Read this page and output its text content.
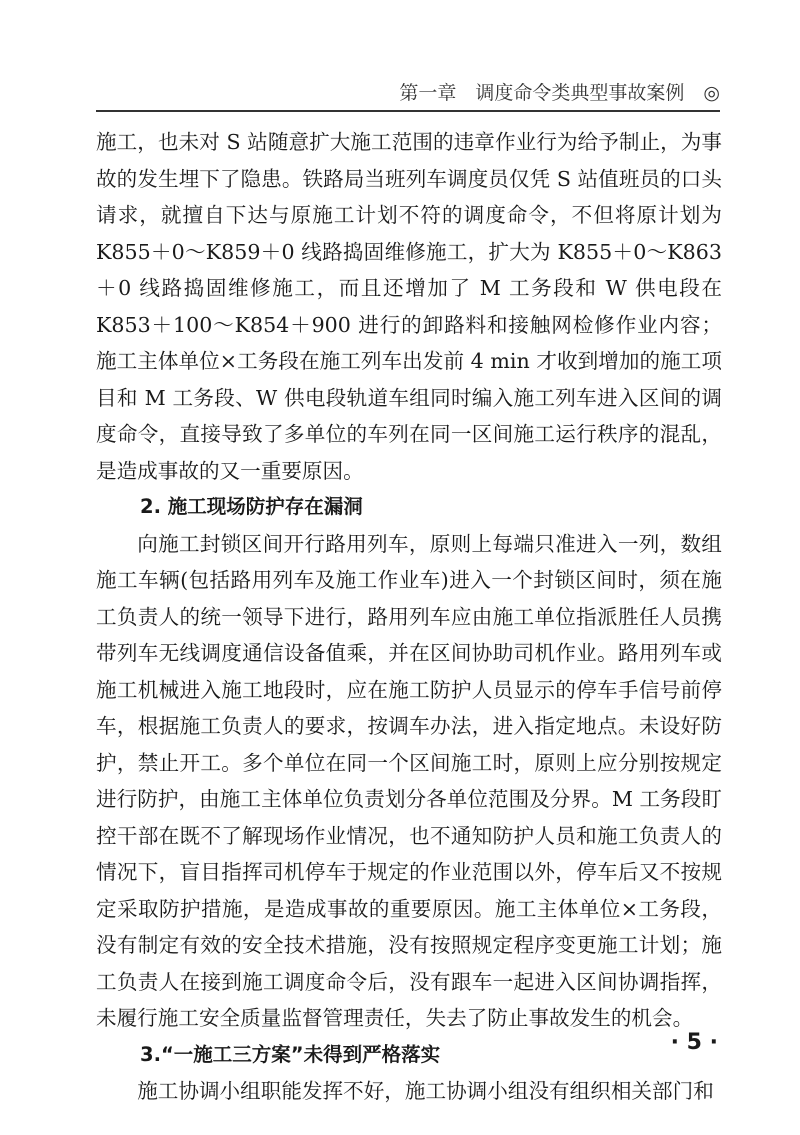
第一章　调度命令类典型事故案例　◎

施工，也未对 S 站随意扩大施工范围的违章作业行为给予制止，为事故的发生埋下了隐患。铁路局当班列车调度员仅凭 S 站值班员的口头请求，就擅自下达与原施工计划不符的调度命令，不但将原计划为 K855＋0～K859＋0 线路捣固维修施工，扩大为 K855＋0～K863＋0 线路捣固维修施工，而且还增加了 M 工务段和 W 供电段在 K853＋100～K854＋900 进行的卸路料和接触网检修作业内容；施工主体单位×工务段在施工列车出发前 4 min 才收到增加的施工项目和 M 工务段、W 供电段轨道车组同时编入施工列车进入区间的调度命令，直接导致了多单位的车列在同一区间施工运行秩序的混乱，是造成事故的又一重要原因。

2. 施工现场防护存在漏洞

向施工封锁区间开行路用列车，原则上每端只准进入一列，数组施工车辆(包括路用列车及施工作业车)进入一个封锁区间时，须在施工负责人的统一领导下进行，路用列车应由施工单位指派胜任人员携带列车无线调度通信设备值乘，并在区间协助司机作业。路用列车或施工机械进入施工地段时，应在施工防护人员显示的停车手信号前停车，根据施工负责人的要求，按调车办法，进入指定地点。未设好防护，禁止开工。多个单位在同一个区间施工时，原则上应分别按规定进行防护，由施工主体单位负责划分各单位范围及分界。M 工务段盯控干部在既不了解现场作业情况，也不通知防护人员和施工负责人的情况下，盲目指挥司机停车于规定的作业范围以外，停车后又不按规定采取防护措施，是造成事故的重要原因。施工主体单位×工务段，没有制定有效的安全技术措施，没有按照规定程序变更施工计划；施工负责人在接到施工调度命令后，没有跟车一起进入区间协调指挥，未履行施工安全质量监督管理责任，失去了防止事故发生的机会。

3.“一施工三方案”未得到严格落实

施工协调小组职能发挥不好，施工协调小组没有组织相关部门和

· 5 ·
